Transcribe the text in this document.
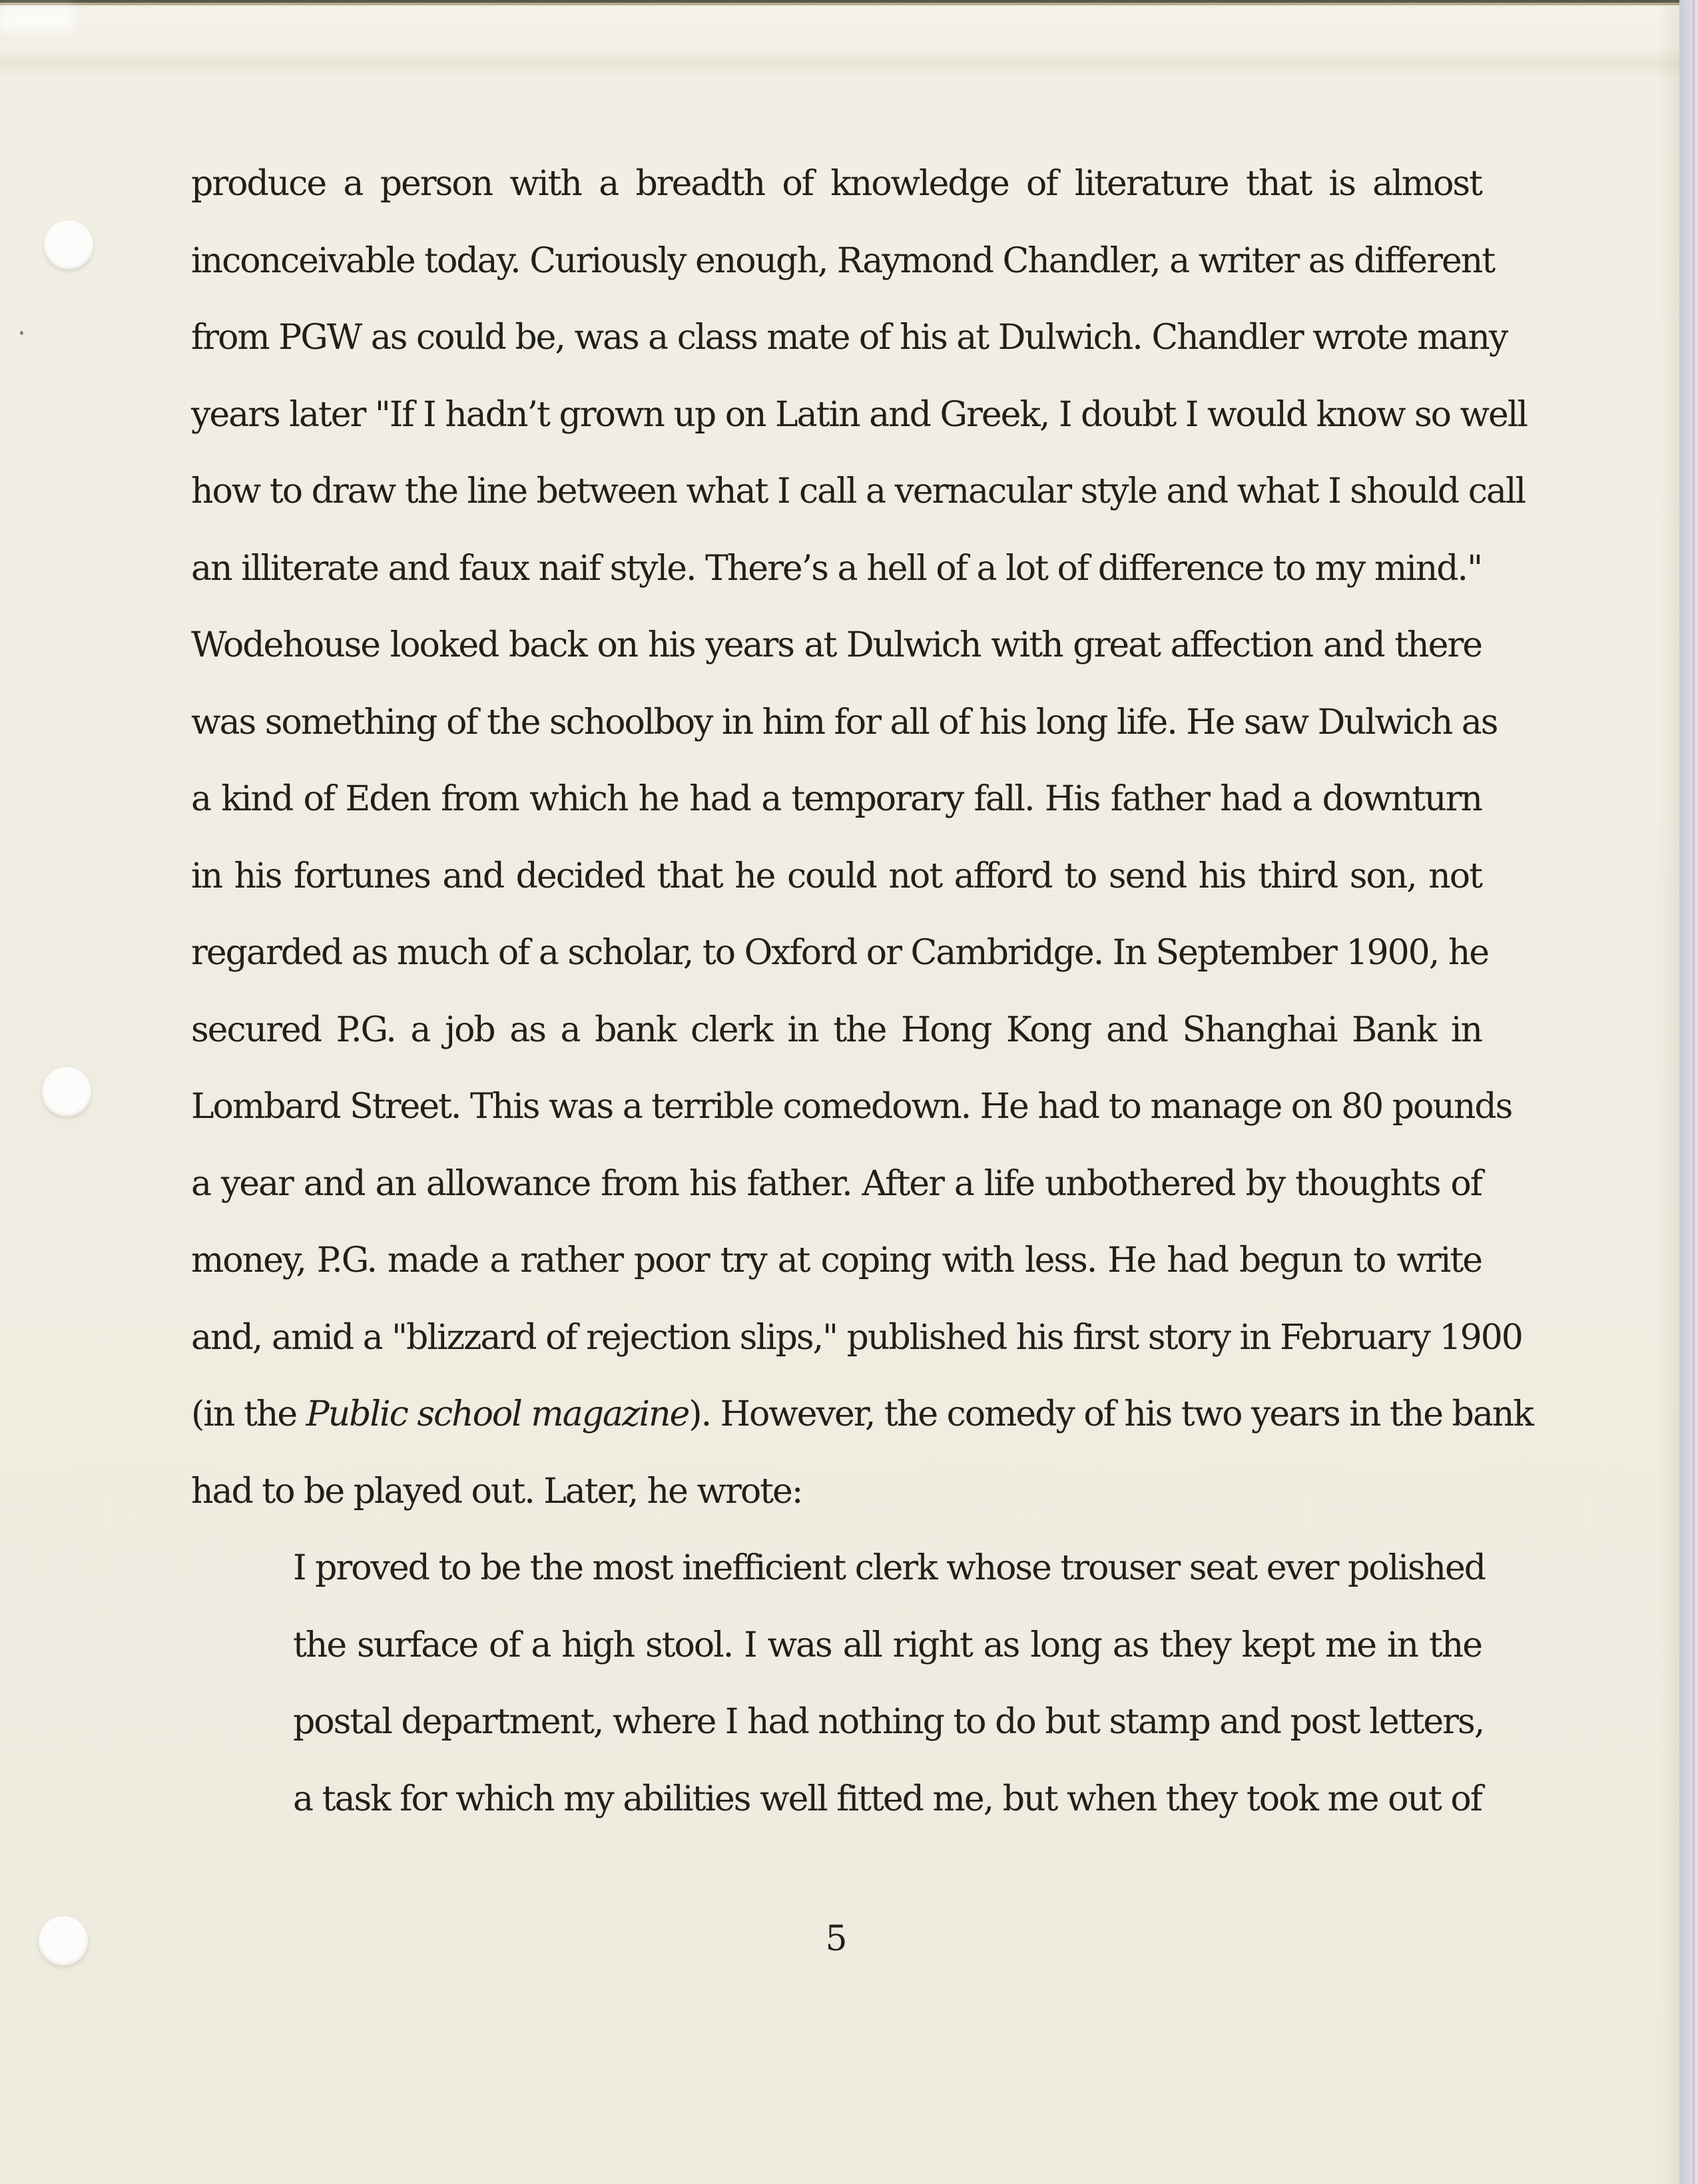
produce a person with a breadth of knowledge of literature that is almost
inconceivable today. Curiously enough, Raymond Chandler, a writer as different
from PGW as could be, was a class mate of his at Dulwich. Chandler wrote many
years later "If I hadn’t grown up on Latin and Greek, I doubt I would know so well
how to draw the line between what I call a vernacular style and what I should call
an illiterate and faux naif style. There’s a hell of a lot of difference to my mind."
Wodehouse looked back on his years at Dulwich with great affection and there
was something of the schoolboy in him for all of his long life. He saw Dulwich as
a kind of Eden from which he had a temporary fall. His father had a downturn
in his fortunes and decided that he could not afford to send his third son, not
regarded as much of a scholar, to Oxford or Cambridge. In September 1900, he
secured P.G. a job as a bank clerk in the Hong Kong and Shanghai Bank in
Lombard Street. This was a terrible comedown. He had to manage on 80 pounds
a year and an allowance from his father. After a life unbothered by thoughts of
money, P.G. made a rather poor try at coping with less. He had begun to write
and, amid a "blizzard of rejection slips," published his first story in February 1900
(in the Public school magazine). However, the comedy of his two years in the bank
had to be played out. Later, he wrote:
I proved to be the most inefficient clerk whose trouser seat ever polished
the surface of a high stool. I was all right as long as they kept me in the
postal department, where I had nothing to do but stamp and post letters,
a task for which my abilities well fitted me, but when they took me out of
5
